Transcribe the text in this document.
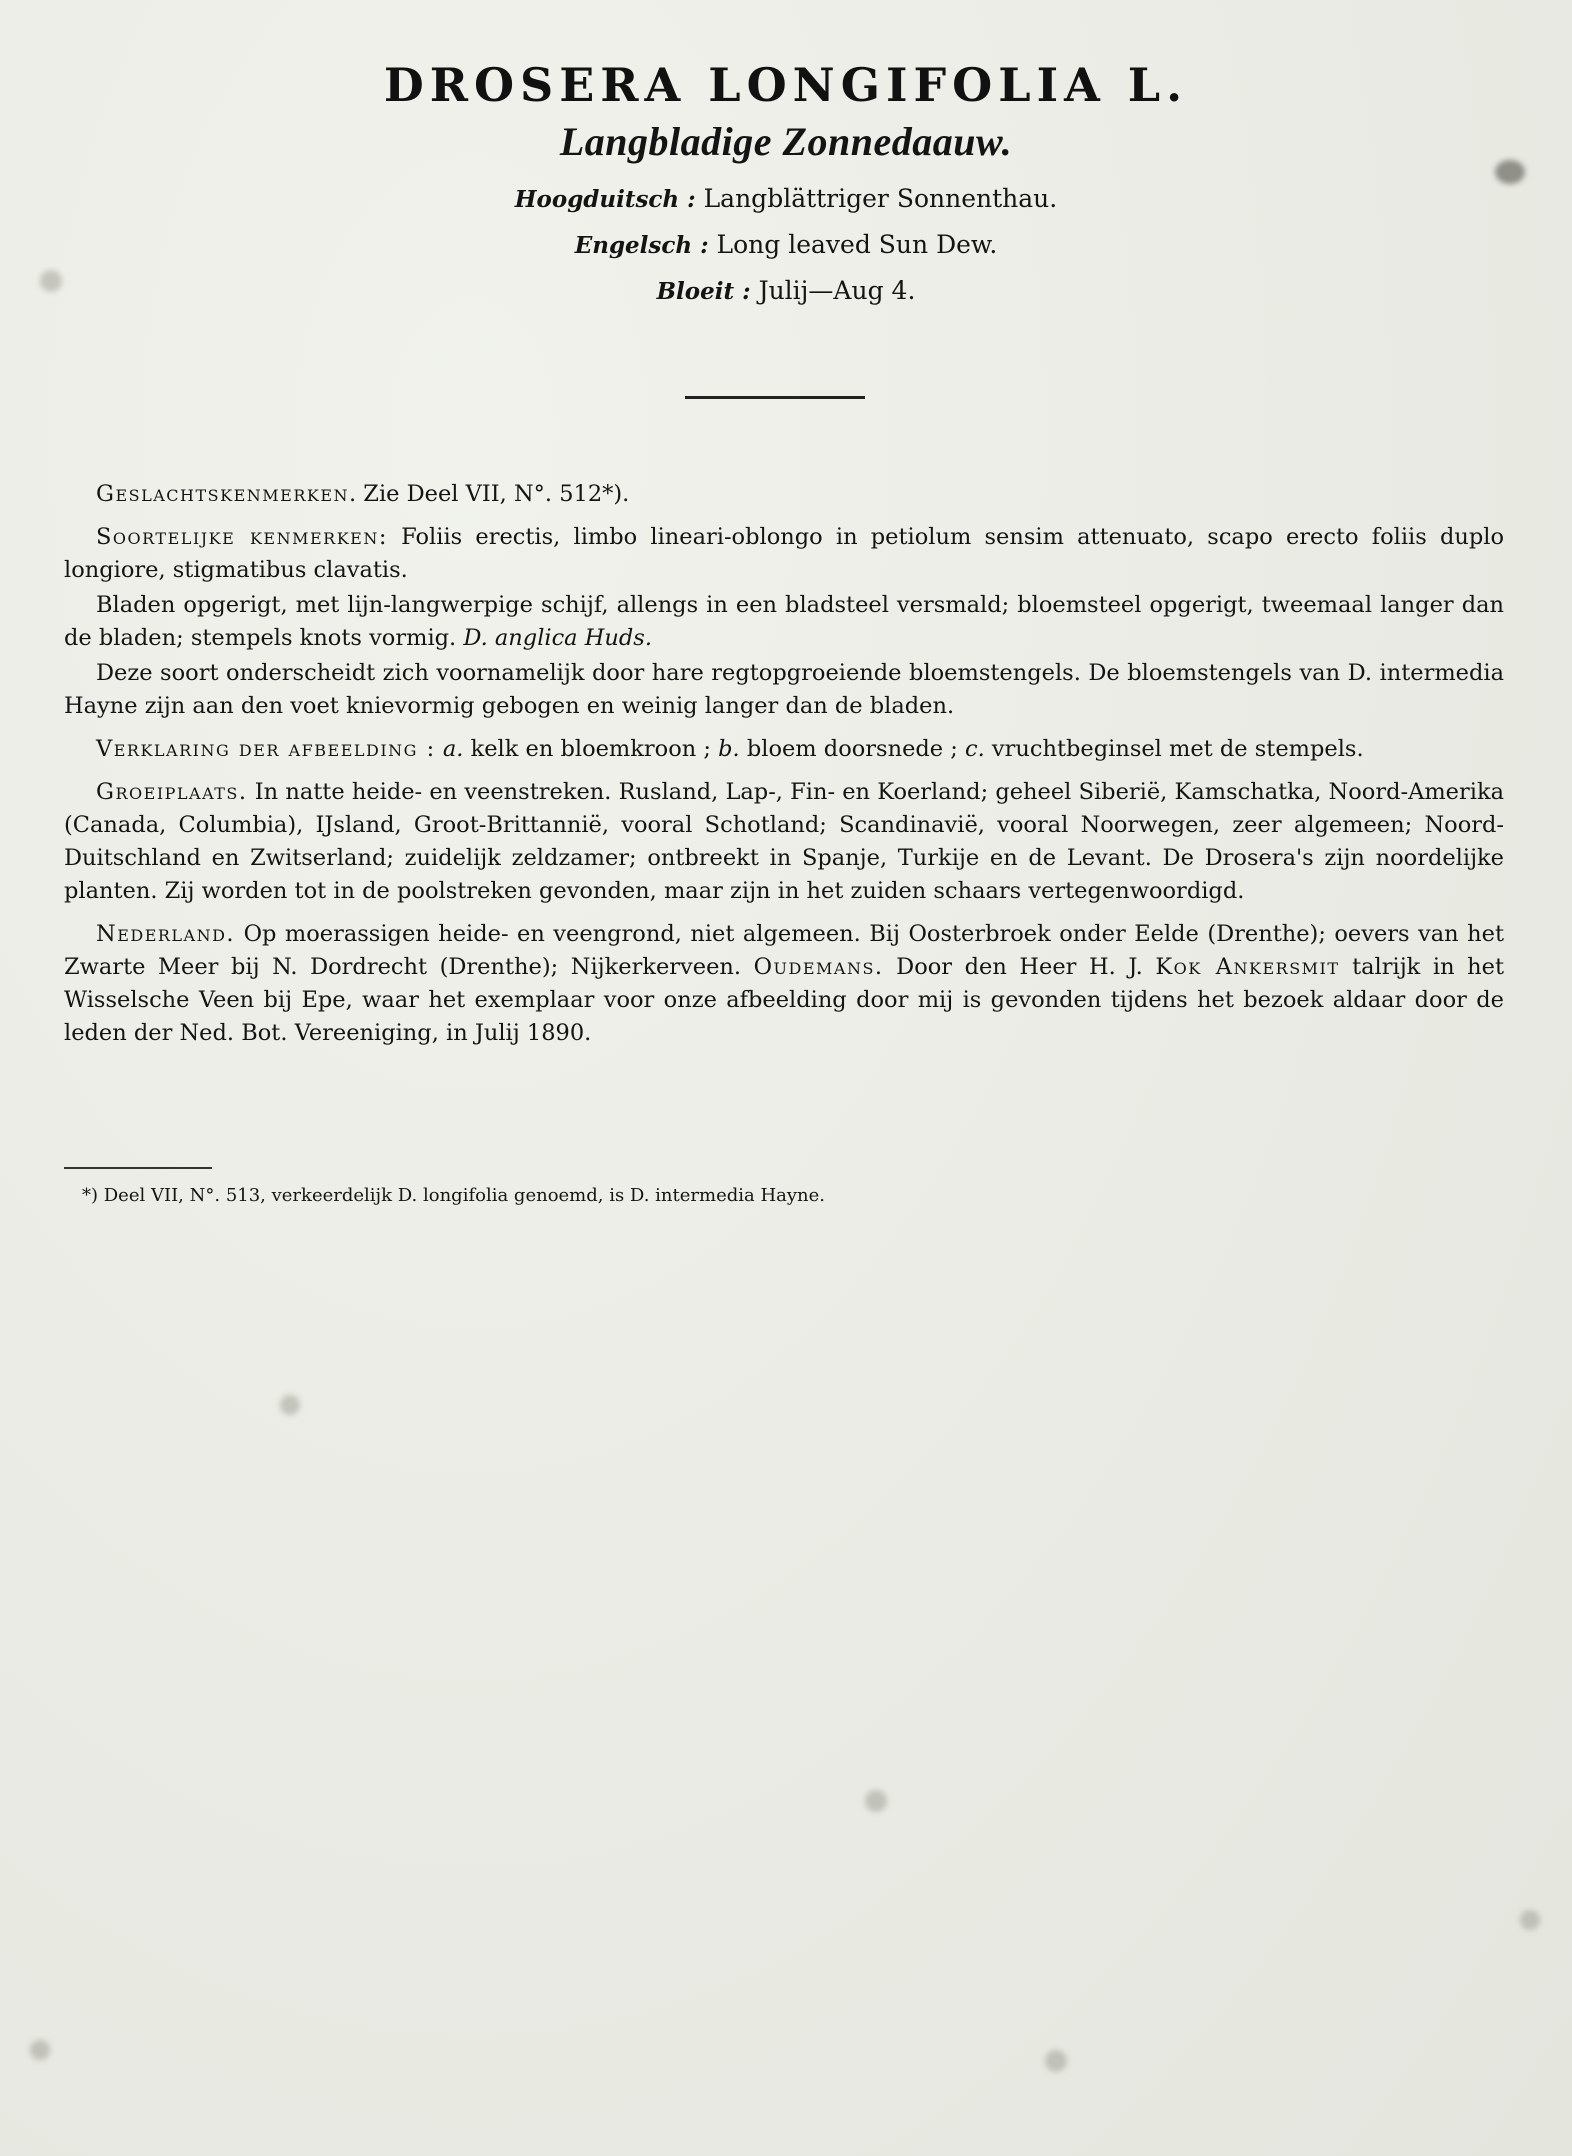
DROSERA LONGIFOLIA L.
Langbladige Zonnedaauw.
Hoogduitsch : Langblättriger Sonnenthau.
Engelsch : Long leaved Sun Dew.
Bloeit : Julij—Aug 4.

Geslachtskenmerken. Zie Deel VII, N°. 512*).

Soortelijke kenmerken: Foliis erectis, limbo lineari-oblongo in petiolum sensim attenuato, scapo erecto foliis duplo longiore, stigmatibus clavatis.

Bladen opgerigt, met lijn-langwerpige schijf, allengs in een bladsteel versmald; bloemsteel opgerigt, tweemaal langer dan de bladen; stempels knots vormig. D. anglica Huds.

Deze soort onderscheidt zich voornamelijk door hare regtopgroeiende bloemstengels. De bloemstengels van D. intermedia Hayne zijn aan den voet knievormig gebogen en weinig langer dan de bladen.

Verklaring der afbeelding : a. kelk en bloemkroon ; b. bloem doorsnede ; c. vruchtbeginsel met de stempels.

Groeiplaats. In natte heide- en veenstreken. Rusland, Lap-, Fin- en Koerland; geheel Siberië, Kamschatka, Noord-Amerika (Canada, Columbia), IJsland, Groot-Brittannië, vooral Schotland; Scandinavië, vooral Noorwegen, zeer algemeen; Noord-Duitschland en Zwitserland; zuidelijk zeldzamer; ontbreekt in Spanje, Turkije en de Levant. De Drosera's zijn noordelijke planten. Zij worden tot in de poolstreken gevonden, maar zijn in het zuiden schaars vertegenwoordigd.

Nederland. Op moerassigen heide- en veengrond, niet algemeen. Bij Oosterbroek onder Eelde (Drenthe); oevers van het Zwarte Meer bij N. Dordrecht (Drenthe); Nijkerkerveen. Oudemans. Door den Heer H. J. Kok Ankersmit talrijk in het Wisselsche Veen bij Epe, waar het exemplaar voor onze afbeelding door mij is gevonden tijdens het bezoek aldaar door de leden der Ned. Bot. Vereeniging, in Julij 1890.

*) Deel VII, N°. 513, verkeerdelijk D. longifolia genoemd, is D. intermedia Hayne.
